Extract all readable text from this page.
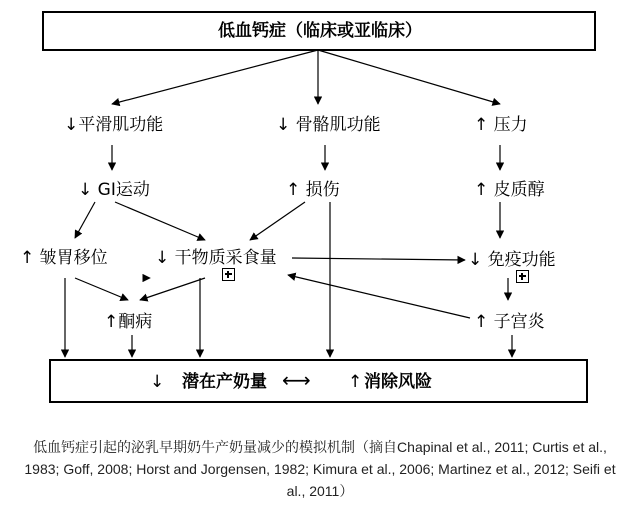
低血钙症（临床或亚临床）
↓平滑肌功能	↓ 骨骼肌功能	↑ 压力
↓ GI运动	↑ 损伤	↑ 皮质醇
↑ 皱胃移位	↓ 干物质采食量	↓ 免疫功能
↑酮病	↑ 子宫炎
↓ 潜在产奶量 ⟷ ↑ 消除风险
低血钙症引起的泌乳早期奶牛产奶量减少的模拟机制（摘自Chapinal et al., 2011; Curtis et al., 1983; Goff, 2008; Horst and Jorgensen, 1982; Kimura et al., 2006; Martinez et al., 2012; Seifi et al., 2011）
